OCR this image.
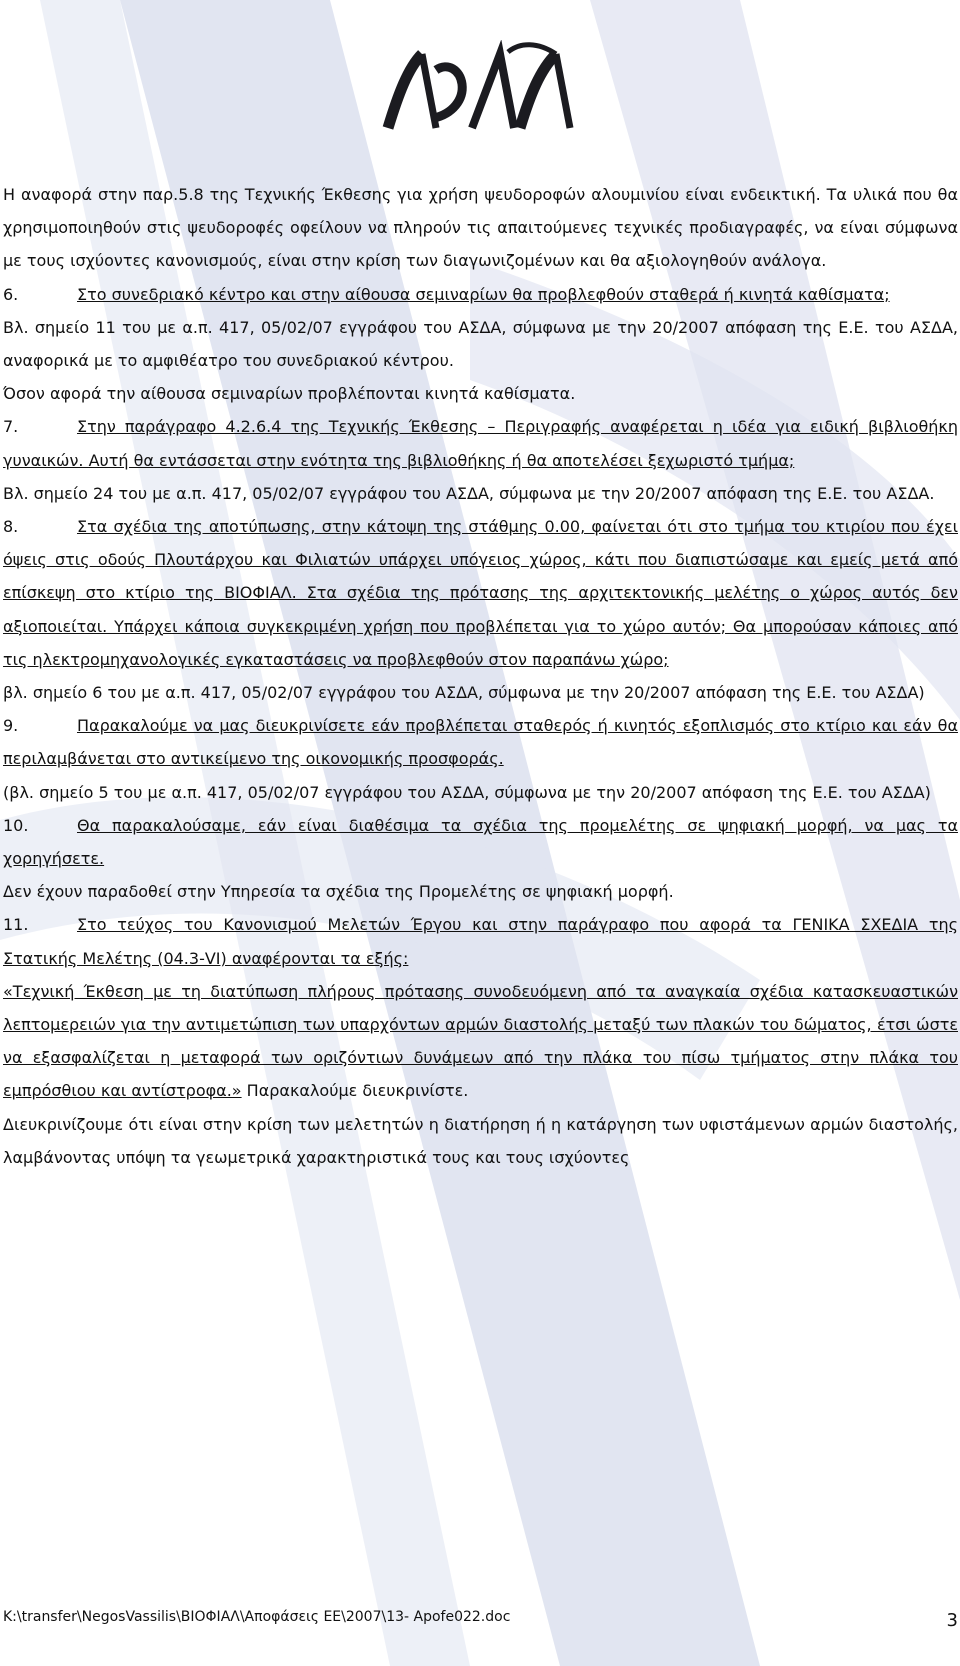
Η αναφορά στην παρ.5.8 της Τεχνικής Έκθεσης για χρήση ψευδοροφών αλουμινίου είναι ενδεικτική. Τα υλικά που θα χρησιμοποιηθούν στις ψευδοροφές οφείλουν να πληρούν τις απαιτούμενες τεχνικές προδιαγραφές, να είναι σύμφωνα με τους ισχύοντες κανονισμούς, είναι στην κρίση των διαγωνιζομένων και θα αξιολογηθούν ανάλογα.

6.	Στο συνεδριακό κέντρο και στην αίθουσα σεμιναρίων θα προβλεφθούν σταθερά ή κινητά καθίσματα;

Βλ. σημείο 11 του με α.π. 417, 05/02/07 εγγράφου του ΑΣΔΑ, σύμφωνα με την 20/2007 απόφαση της Ε.Ε. του ΑΣΔΑ, αναφορικά με το αμφιθέατρο του συνεδριακού κέντρου.

Όσον αφορά την αίθουσα σεμιναρίων προβλέπονται κινητά καθίσματα.

7.	Στην παράγραφο 4.2.6.4 της Τεχνικής Έκθεσης – Περιγραφής αναφέρεται η ιδέα για ειδική βιβλιοθήκη γυναικών. Αυτή θα εντάσσεται στην ενότητα της βιβλιοθήκης ή θα αποτελέσει ξεχωριστό τμήμα;

Βλ. σημείο 24 του με α.π. 417, 05/02/07 εγγράφου του ΑΣΔΑ, σύμφωνα με την 20/2007 απόφαση της Ε.Ε. του ΑΣΔΑ.

8.	Στα σχέδια της αποτύπωσης, στην κάτοψη της στάθμης 0.00, φαίνεται ότι στο τμήμα του κτιρίου που έχει όψεις στις οδούς Πλουτάρχου και Φιλιατών υπάρχει υπόγειος χώρος, κάτι που διαπιστώσαμε και εμείς μετά από επίσκεψη στο κτίριο της ΒΙΟΦΙΑΛ. Στα σχέδια της πρότασης της αρχιτεκτονικής μελέτης ο χώρος αυτός δεν αξιοποιείται. Υπάρχει κάποια συγκεκριμένη χρήση που προβλέπεται για το χώρο αυτόν; Θα μπορούσαν κάποιες από τις ηλεκτρομηχανολογικές εγκαταστάσεις να προβλεφθούν στον παραπάνω χώρο;

βλ. σημείο 6 του με α.π. 417, 05/02/07 εγγράφου του ΑΣΔΑ, σύμφωνα με την 20/2007 απόφαση της Ε.Ε. του ΑΣΔΑ)

9.	Παρακαλούμε να μας διευκρινίσετε εάν προβλέπεται σταθερός ή κινητός εξοπλισμός στο κτίριο και εάν θα περιλαμβάνεται στο αντικείμενο της οικονομικής προσφοράς.

(βλ. σημείο 5 του με α.π. 417, 05/02/07 εγγράφου του ΑΣΔΑ, σύμφωνα με την 20/2007 απόφαση της Ε.Ε. του ΑΣΔΑ)

10.	Θα παρακαλούσαμε, εάν είναι διαθέσιμα τα σχέδια της προμελέτης σε ψηφιακή μορφή, να μας τα χορηγήσετε.

Δεν έχουν παραδοθεί στην Υπηρεσία τα σχέδια της Προμελέτης σε ψηφιακή μορφή.

11.	Στο τεύχος του Κανονισμού Μελετών Έργου και στην παράγραφο που αφορά τα ΓΕΝΙΚΑ ΣΧΕΔΙΑ της Στατικής Μελέτης (04.3-VI) αναφέρονται τα εξής:

«Τεχνική Έκθεση με τη διατύπωση πλήρους πρότασης συνοδευόμενη από τα αναγκαία σχέδια κατασκευαστικών λεπτομερειών για την αντιμετώπιση των υπαρχόντων αρμών διαστολής μεταξύ των πλακών του δώματος, έτσι ώστε να εξασφαλίζεται η μεταφορά των οριζόντιων δυνάμεων από την πλάκα του πίσω τμήματος στην πλάκα του εμπρόσθιου και αντίστροφα.» Παρακαλούμε διευκρινίστε.

Διευκρινίζουμε ότι είναι στην κρίση των μελετητών η διατήρηση ή η κατάργηση των υφιστάμενων αρμών διαστολής, λαμβάνοντας υπόψη τα γεωμετρικά χαρακτηριστικά τους και τους ισχύοντες

K:\transfer\NegosVassilis\ΒΙΟΦΙΑΛ\Αποφάσεις ΕΕ\2007\13- Apofe022.doc	3
